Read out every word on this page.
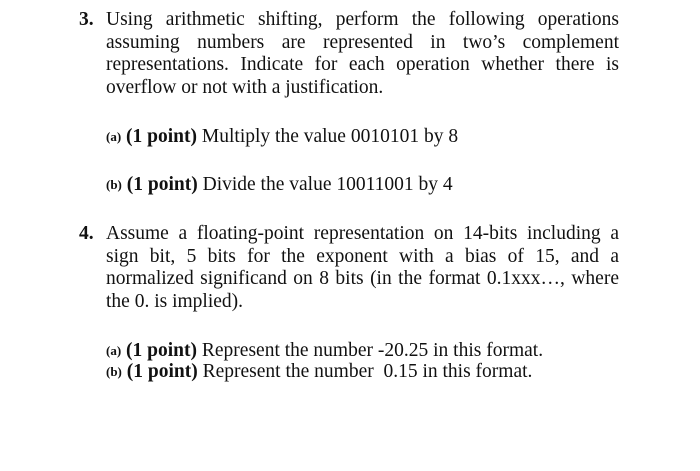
3. Using arithmetic shifting, perform the following operations assuming numbers are represented in two’s complement representations. Indicate for each operation whether there is overflow or not with a justification.
(a) (1 point) Multiply the value 0010101 by 8
(b) (1 point) Divide the value 10011001 by 4
4. Assume a floating-point representation on 14-bits including a sign bit, 5 bits for the exponent with a bias of 15, and a normalized significand on 8 bits (in the format 0.1xxx…, where the 0. is implied).
(a) (1 point) Represent the number -20.25 in this format.
(b) (1 point) Represent the number  0.15 in this format.
